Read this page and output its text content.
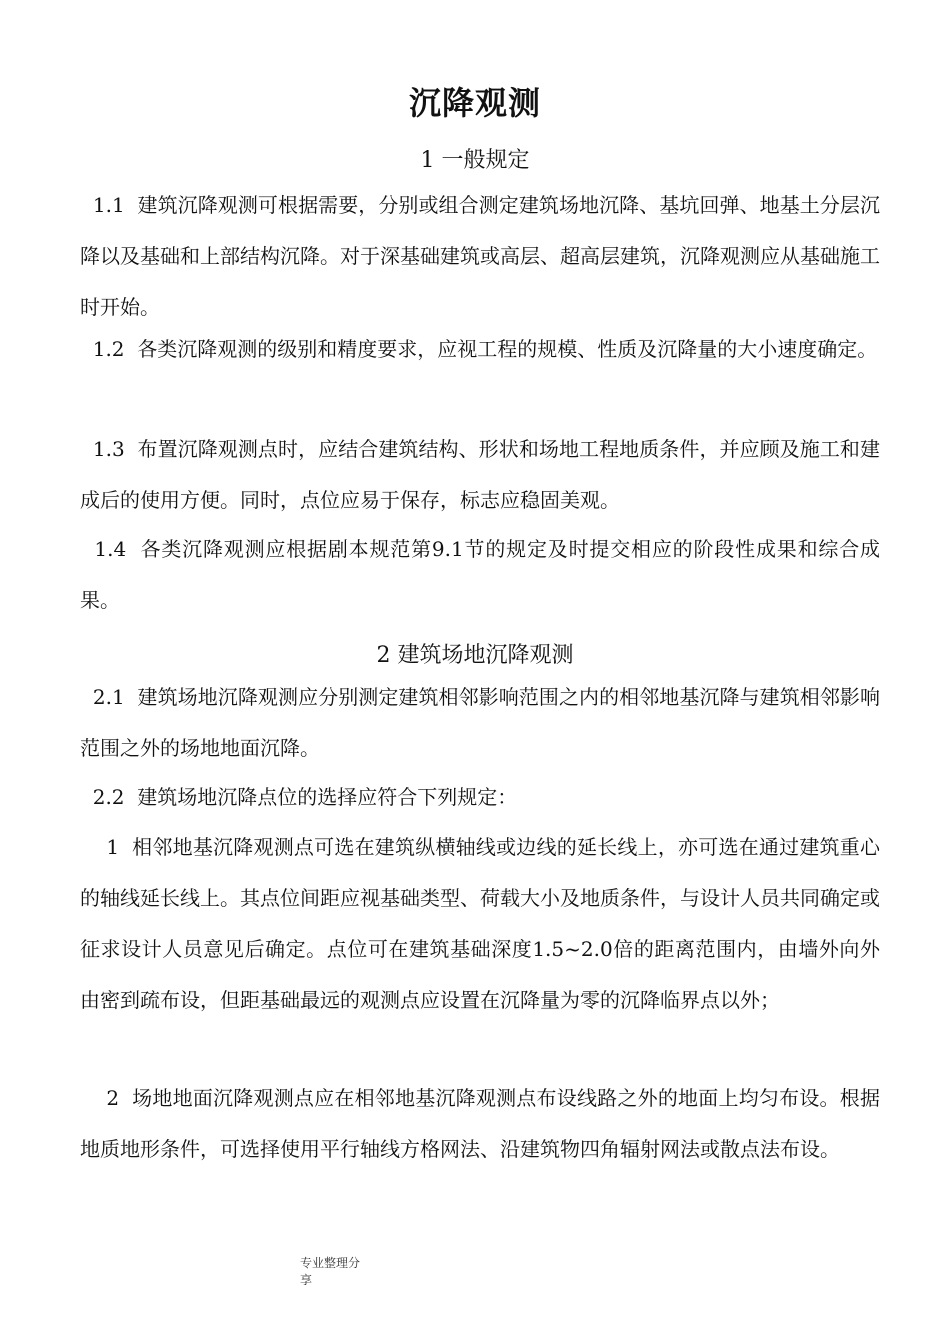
沉降观测
1 一般规定

1.1  建筑沉降观测可根据需要，分别或组合测定建筑场地沉降、基坑回弹、地基土分层沉降以及基础和上部结构沉降。对于深基础建筑或高层、超高层建筑，沉降观测应从基础施工时开始。

1.2  各类沉降观测的级别和精度要求，应视工程的规模、性质及沉降量的大小速度确定。

1.3  布置沉降观测点时，应结合建筑结构、形状和场地工程地质条件，并应顾及施工和建成后的使用方便。同时，点位应易于保存，标志应稳固美观。

1.4  各类沉降观测应根据剧本规范第9.1节的规定及时提交相应的阶段性成果和综合成果。

2 建筑场地沉降观测

2.1  建筑场地沉降观测应分别测定建筑相邻影响范围之内的相邻地基沉降与建筑相邻影响范围之外的场地地面沉降。

2.2  建筑场地沉降点位的选择应符合下列规定：

1  相邻地基沉降观测点可选在建筑纵横轴线或边线的延长线上，亦可选在通过建筑重心的轴线延长线上。其点位间距应视基础类型、荷载大小及地质条件，与设计人员共同确定或征求设计人员意见后确定。点位可在建筑基础深度1.5~2.0倍的距离范围内，由墙外向外由密到疏布设，但距基础最远的观测点应设置在沉降量为零的沉降临界点以外；

2  场地地面沉降观测点应在相邻地基沉降观测点布设线路之外的地面上均匀布设。根据地质地形条件，可选择使用平行轴线方格网法、沿建筑物四角辐射网法或散点法布设。

专业整理分
享
